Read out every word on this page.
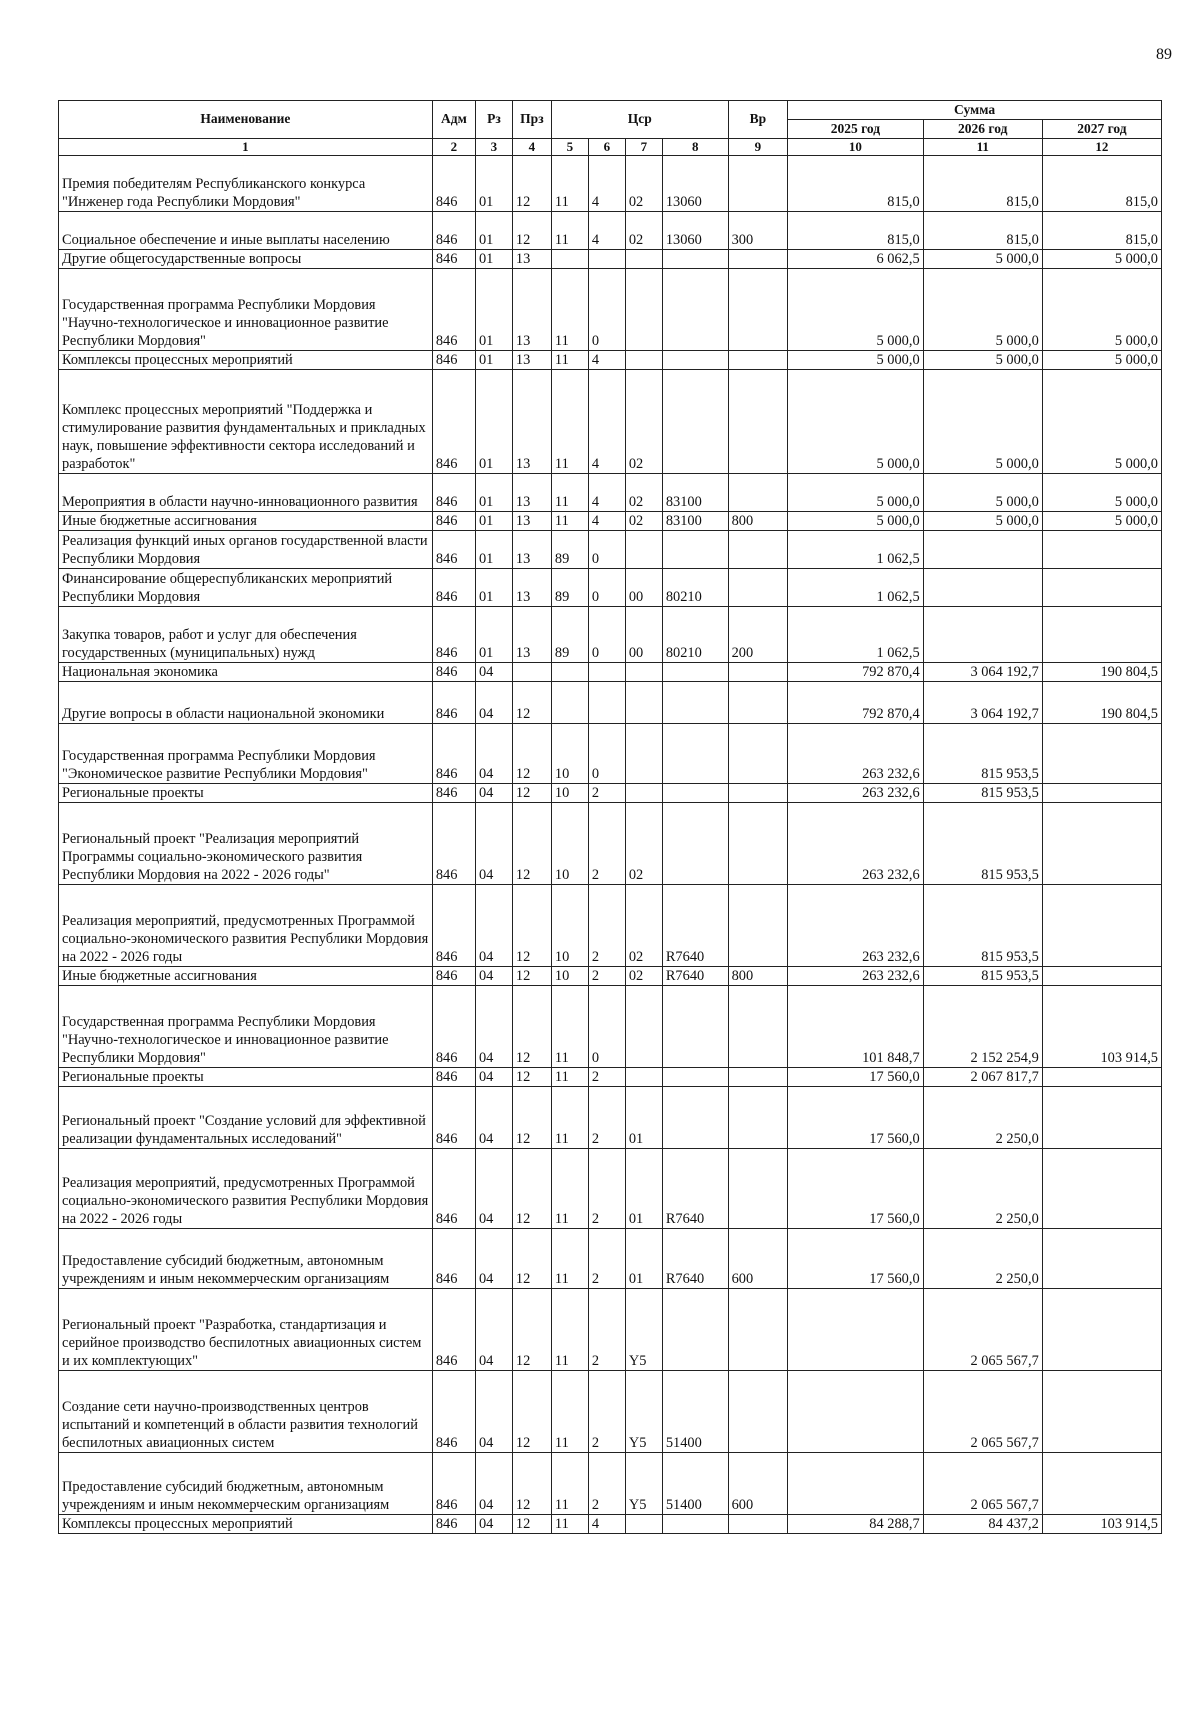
89
Наименование	Адм	Рз	Прз	Цср				Вр	Сумма		
									2025 год	2026 год	2027 год
1	2	3	4	5	6	7	8	9	10	11	12
Премия победителям Республиканского конкурса "Инженер года Республики Мордовия"	846	01	12	11	4	02	13060		815,0	815,0	815,0
Социальное обеспечение и иные выплаты населению	846	01	12	11	4	02	13060	300	815,0	815,0	815,0
Другие общегосударственные вопросы	846	01	13						6 062,5	5 000,0	5 000,0
Государственная программа Республики Мордовия "Научно-технологическое и инновационное развитие Республики Мордовия"	846	01	13	11	0				5 000,0	5 000,0	5 000,0
Комплексы процессных мероприятий	846	01	13	11	4				5 000,0	5 000,0	5 000,0
Комплекс процессных мероприятий "Поддержка и стимулирование развития фундаментальных и прикладных наук, повышение эффективности сектора исследований и разработок"	846	01	13	11	4	02			5 000,0	5 000,0	5 000,0
Мероприятия в области научно-инновационного развития	846	01	13	11	4	02	83100		5 000,0	5 000,0	5 000,0
Иные бюджетные ассигнования	846	01	13	11	4	02	83100	800	5 000,0	5 000,0	5 000,0
Реализация функций иных органов государственной власти Республики Мордовия	846	01	13	89	0				1 062,5		
Финансирование общереспубликанских мероприятий Республики Мордовия	846	01	13	89	0	00	80210		1 062,5		
Закупка товаров, работ и услуг для обеспечения государственных (муниципальных) нужд	846	01	13	89	0	00	80210	200	1 062,5		
Национальная экономика	846	04							792 870,4	3 064 192,7	190 804,5
Другие вопросы в области национальной экономики	846	04	12						792 870,4	3 064 192,7	190 804,5
Государственная программа Республики Мордовия "Экономическое развитие Республики Мордовия"	846	04	12	10	0				263 232,6	815 953,5	
Региональные проекты	846	04	12	10	2				263 232,6	815 953,5	
Региональный проект "Реализация мероприятий Программы социально-экономического развития Республики Мордовия на 2022 - 2026 годы"	846	04	12	10	2	02			263 232,6	815 953,5	
Реализация мероприятий, предусмотренных Программой социально-экономического развития Республики Мордовия на 2022 - 2026 годы	846	04	12	10	2	02	R7640		263 232,6	815 953,5	
Иные бюджетные ассигнования	846	04	12	10	2	02	R7640	800	263 232,6	815 953,5	
Государственная программа Республики Мордовия "Научно-технологическое и инновационное развитие Республики Мордовия"	846	04	12	11	0				101 848,7	2 152 254,9	103 914,5
Региональные проекты	846	04	12	11	2				17 560,0	2 067 817,7	
Региональный проект "Создание условий для эффективной реализации фундаментальных исследований"	846	04	12	11	2	01			17 560,0	2 250,0	
Реализация мероприятий, предусмотренных Программой социально-экономического развития Республики Мордовия на 2022 - 2026 годы	846	04	12	11	2	01	R7640		17 560,0	2 250,0	
Предоставление субсидий бюджетным, автономным учреждениям и иным некоммерческим организациям	846	04	12	11	2	01	R7640	600	17 560,0	2 250,0	
Региональный проект "Разработка, стандартизация и серийное производство беспилотных авиационных систем и их комплектующих"	846	04	12	11	2	Y5				2 065 567,7	
Создание сети научно-производственных центров испытаний и компетенций в области развития технологий беспилотных авиационных систем	846	04	12	11	2	Y5	51400			2 065 567,7	
Предоставление субсидий бюджетным, автономным учреждениям и иным некоммерческим организациям	846	04	12	11	2	Y5	51400	600		2 065 567,7	
Комплексы процессных мероприятий	846	04	12	11	4				84 288,7	84 437,2	103 914,5
